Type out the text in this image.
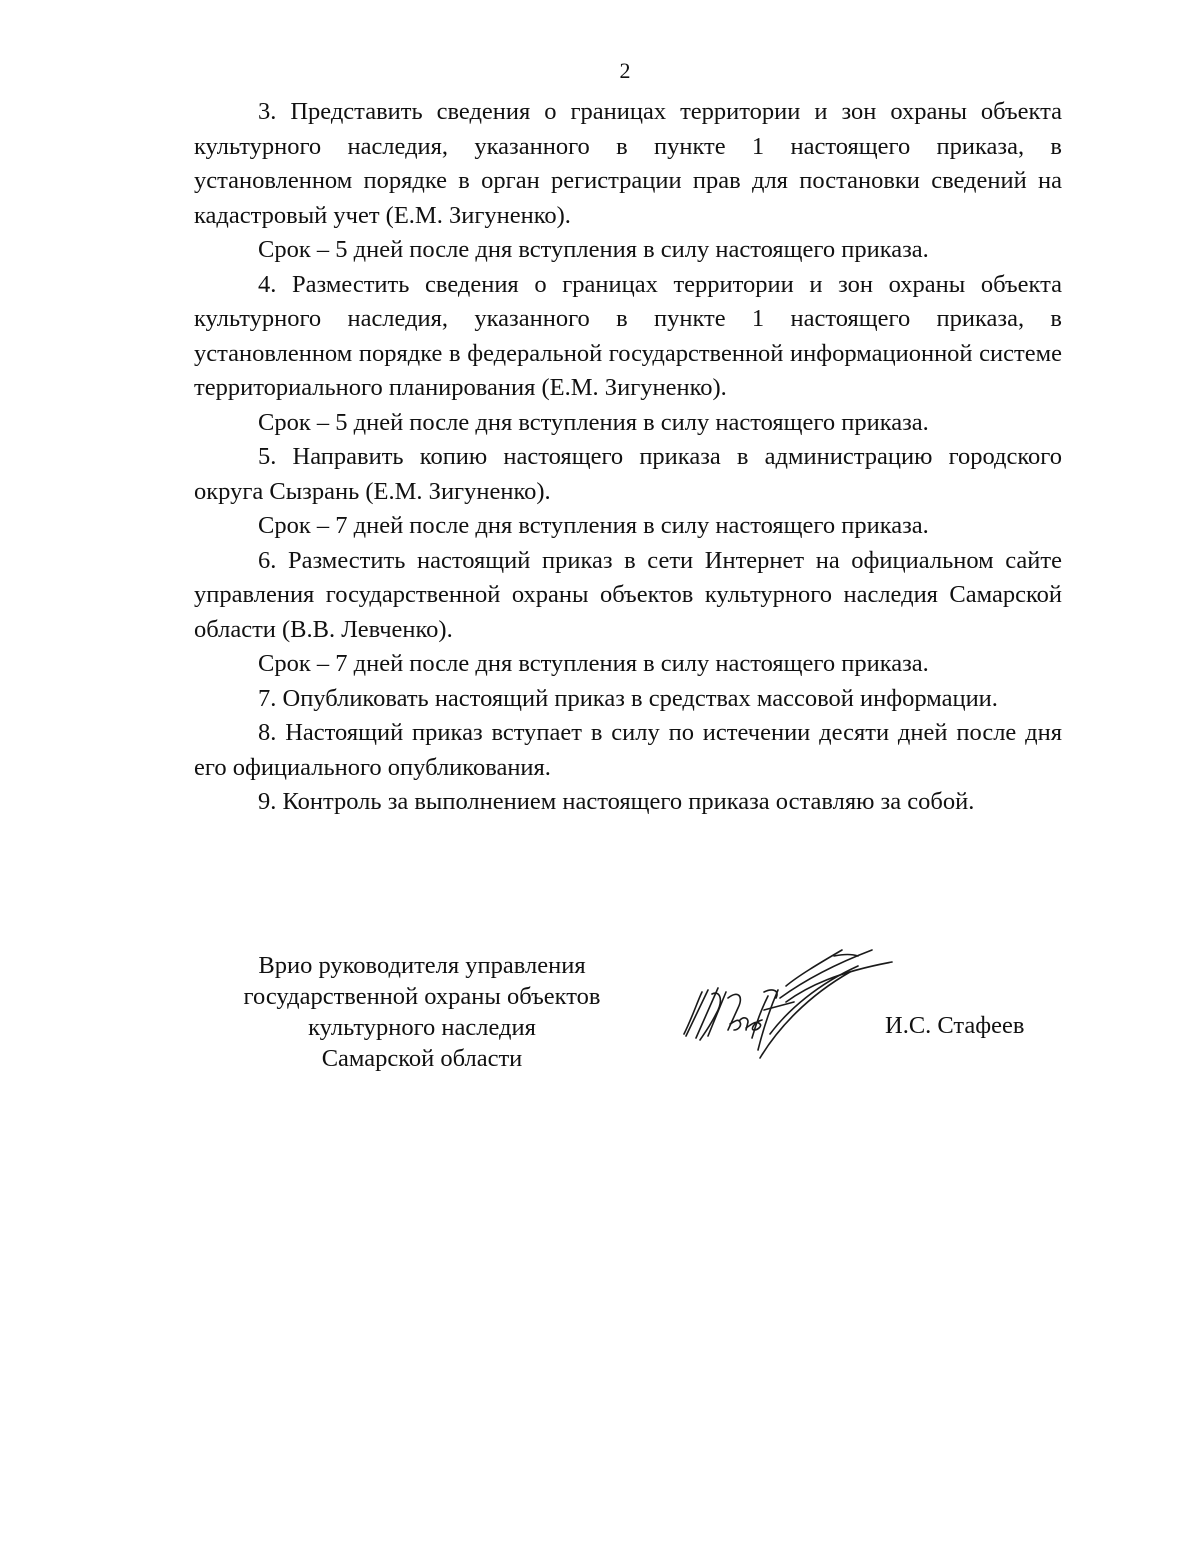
2

3. Представить сведения о границах территории и зон охраны объекта культурного наследия, указанного в пункте 1 настоящего приказа, в установленном порядке в орган регистрации прав для постановки сведений на кадастровый учет (Е.М. Зигуненко).

Срок – 5 дней после дня вступления в силу настоящего приказа.

4. Разместить сведения о границах территории и зон охраны объекта культурного наследия, указанного в пункте 1 настоящего приказа, в установленном порядке в федеральной государственной информационной системе территориального планирования (Е.М. Зигуненко).

Срок – 5 дней после дня вступления в силу настоящего приказа.

5. Направить копию настоящего приказа в администрацию городского округа Сызрань (Е.М. Зигуненко).

Срок – 7 дней после дня вступления в силу настоящего приказа.

6. Разместить настоящий приказ в сети Интернет на официальном сайте управления государственной охраны объектов культурного наследия Самарской области (В.В. Левченко).

Срок – 7 дней после дня вступления в силу настоящего приказа.

7. Опубликовать настоящий приказ в средствах массовой информации.

8. Настоящий приказ вступает в силу по истечении десяти дней после дня его официального опубликования.

9. Контроль за выполнением настоящего приказа оставляю за собой.

Врио руководителя управления
государственной охраны объектов
культурного наследия
Самарской области
И.С. Стафеев
